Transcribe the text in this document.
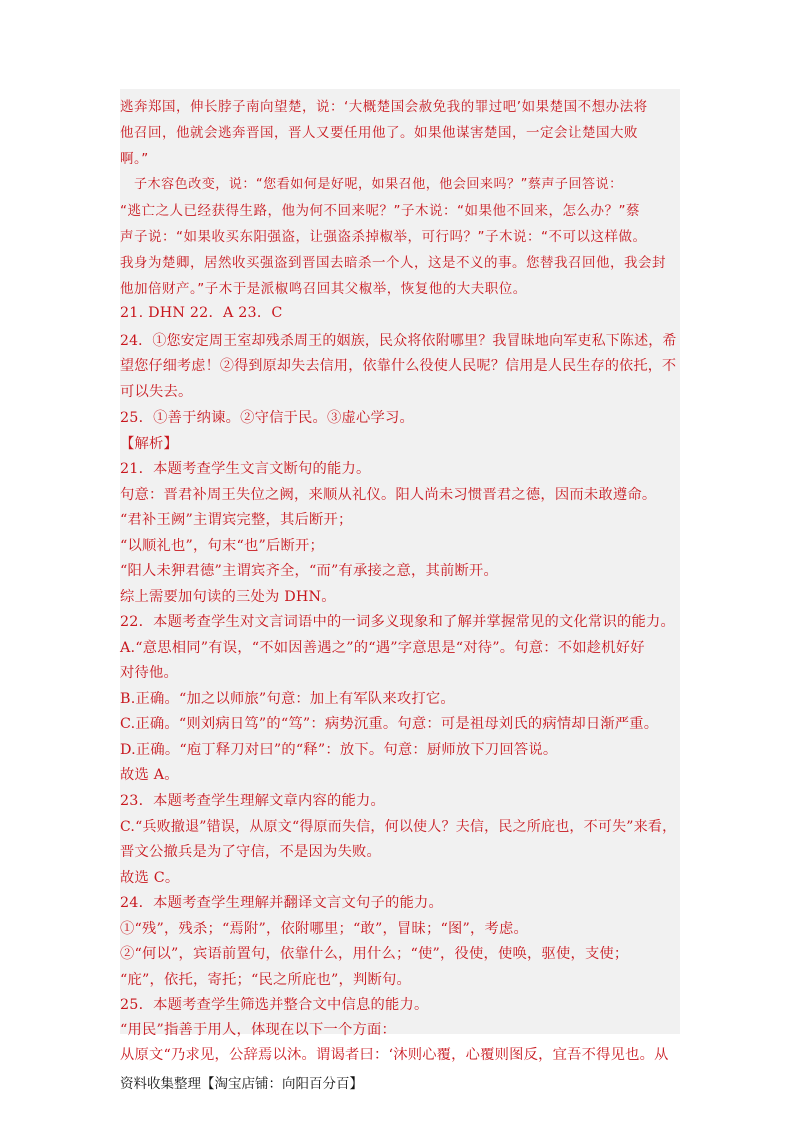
逃奔郑国，伸长脖子南向望楚，说：‘大概楚国会赦免我的罪过吧’如果楚国不想办法将
他召回，他就会逃奔晋国，晋人又要任用他了。如果他谋害楚国，一定会让楚国大败
啊。”
子木容色改变，说：“您看如何是好呢，如果召他，他会回来吗？”蔡声子回答说：
“逃亡之人已经获得生路，他为何不回来呢？”子木说：“如果他不回来，怎么办？”蔡
声子说：“如果收买东阳强盗，让强盗杀掉椒举，可行吗？”子木说：“不可以这样做。
我身为楚卿，居然收买强盗到晋国去暗杀一个人，这是不义的事。您替我召回他，我会封
他加倍财产。”子木于是派椒鸣召回其父椒举，恢复他的大夫职位。
21. DHN 22．A 23．C
24．①您安定周王室却残杀周王的姻族，民众将依附哪里？我冒昧地向军吏私下陈述，希
望您仔细考虑！②得到原却失去信用，依靠什么役使人民呢？信用是人民生存的依托，不
可以失去。
25．①善于纳谏。②守信于民。③虚心学习。
【解析】
21．本题考查学生文言文断句的能力。
句意：晋君补周王失位之阙，来顺从礼仪。阳人尚未习惯晋君之德，因而未敢遵命。
“君补王阙”主谓宾完整，其后断开；
“以顺礼也”，句末“也”后断开；
“阳人未狎君德”主谓宾齐全，“而”有承接之意，其前断开。
综上需要加句读的三处为 DHN。
22．本题考查学生对文言词语中的一词多义现象和了解并掌握常见的文化常识的能力。
A.“意思相同”有误，“不如因善遇之”的“遇”字意思是“对待”。句意：不如趁机好好
对待他。
B.正确。“加之以师旅”句意：加上有军队来攻打它。
C.正确。“则刘病日笃”的“笃”：病势沉重。句意：可是祖母刘氏的病情却日渐严重。
D.正确。“庖丁释刀对曰”的“释”：放下。句意：厨师放下刀回答说。
故选 A。
23．本题考查学生理解文章内容的能力。
C.“兵败撤退”错误，从原文“得原而失信，何以使人？夫信，民之所庇也，不可失”来看，
晋文公撤兵是为了守信，不是因为失败。
故选 C。
24．本题考查学生理解并翻译文言文句子的能力。
①“残”，残杀；“焉附”，依附哪里；“敢”，冒昧；“图”，考虑。
②“何以”，宾语前置句，依靠什么，用什么；“使”，役使，使唤，驱使，支使；
“庇”，依托，寄托；“民之所庇也”，判断句。
25．本题考查学生筛选并整合文中信息的能力。
“用民”指善于用人，体现在以下一个方面：
从原文“乃求见，公辞焉以沐。谓谒者曰：‘沐则心覆，心覆则图反，宜吾不得见也。从
资料收集整理【淘宝店铺：向阳百分百】
